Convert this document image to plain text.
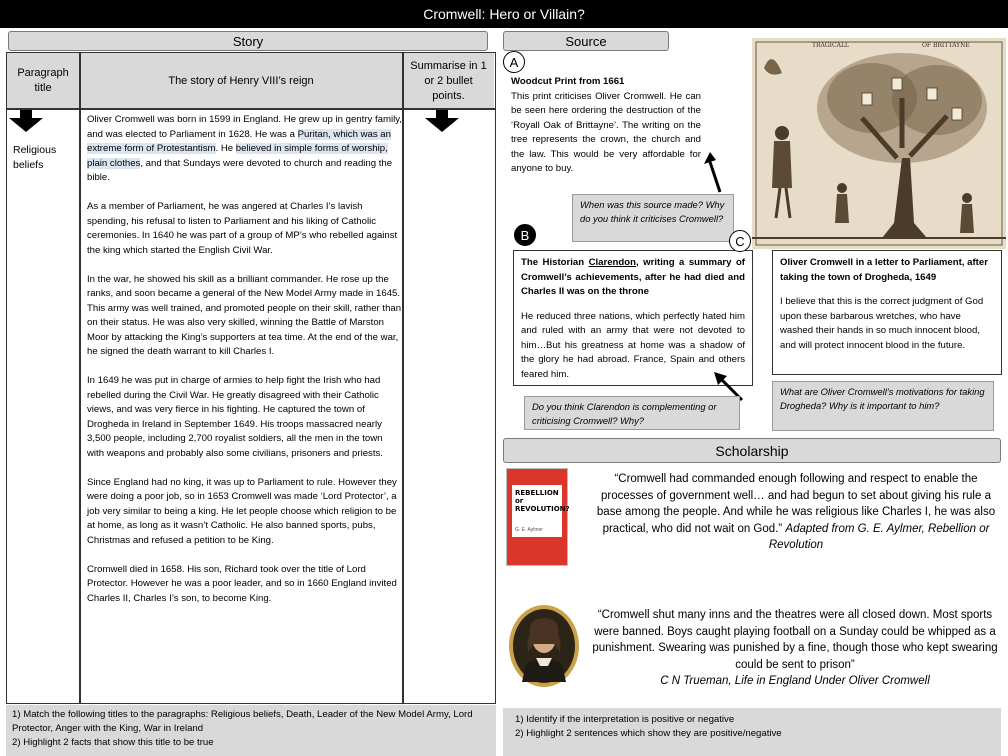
Cromwell: Hero or Villain?
Story
Paragraph title
The story of Henry VIII’s reign
Summarise in 1 or 2 bullet points.
Religious beliefs

Oliver Cromwell was born in 1599 in England. He grew up in gentry family, and was elected to Parliament in 1628. He was a Puritan, which was an extreme form of Protestantism. He believed in simple forms of worship, plain clothes, and that Sundays were devoted to church and reading the bible.

As a member of Parliament, he was angered at Charles I’s lavish spending, his refusal to listen to Parliament and his liking of Catholic ceremonies. In 1640 he was part of a group of MP’s who rebelled against the king which started the English Civil War.

In the war, he showed his skill as a brilliant commander. He rose up the ranks, and soon became a general of the New Model Army made in 1645. This army was well trained, and promoted people on their skill, rather than on their status. He was also very skilled, winning the Battle of Marston Moor by attacking the King’s supporters at tea time. At the end of the war, he signed the death warrant to kill Charles I.

In 1649 he was put in charge of armies to help fight the Irish who had rebelled during the Civil War. He greatly disagreed with their Catholic views, and was very fierce in his fighting. He captured the town of Drogheda in Ireland in September 1649. His troops massacred nearly 3,500 people, including 2,700 royalist soldiers, all the men in the town with weapons and probably also some civilians, prisoners and priests.

Since England had no king, it was up to Parliament to rule. However they were doing a poor job, so in 1653 Cromwell was made ‘Lord Protector’, a job very similar to being a king. He let people choose which religion to be at home, as long as it wasn’t Catholic. He also banned sports, pubs, Christmas and refused a petition to be King.

Cromwell died in 1658. His son, Richard took over the title of Lord Protector. However he was a poor leader, and so in 1660 England invited Charles II, Charles I’s son, to become King.

1) Match the following titles to the paragraphs: Religious beliefs, Death, Leader of the New Model Army, Lord Protector, Anger with the King, War in Ireland
2) Highlight 2 facts that show this title to be true
Source
A
Woodcut Print from 1661
This print criticises Oliver Cromwell. He can be seen here ordering the destruction of the ‘Royall Oak of Brittayne’. The writing on the tree represents the crown, the church and the law. This would be very affordable for anyone to buy.
TRAGICALL	OF BRITTAYNE
When was this source made? Why do you think it criticises Cromwell?
B
The Historian Clarendon, writing a summary of Cromwell’s achievements, after he had died and Charles II was on the throne
He reduced three nations, which perfectly hated him and ruled with an army that were not devoted to him…But his greatness at home was a shadow of the glory he had abroad. France, Spain and others feared him.
Do you think Clarendon is complementing or criticising Cromwell? Why?
C
Oliver Cromwell in a letter to Parliament, after taking the town of Drogheda, 1649
I believe that this is the correct judgment of God upon these barbarous wretches, who have washed their hands in so much innocent blood, and will protect innocent blood in the future.
What are Oliver Cromwell’s motivations for taking Drogheda? Why is it important to him?
Scholarship
REBELLION
or
REVOLUTION?
G. E. Aylmer
“Cromwell had commanded enough following and respect to enable the processes of government well… and had begun to set about giving his rule a base among the people. And while he was religious like Charles I, he was also practical, who did not wait on God.” Adapted from G. E. Aylmer, Rebellion or Revolution
“Cromwell shut many inns and the theatres were all closed down. Most sports were banned. Boys caught playing football on a Sunday could be whipped as a punishment. Swearing was punished by a fine, though those who kept swearing could be sent to prison”
C N Trueman, Life in England Under Oliver Cromwell
1) Identify if the interpretation is positive or negative
2) Highlight 2 sentences which show they are positive/negative
